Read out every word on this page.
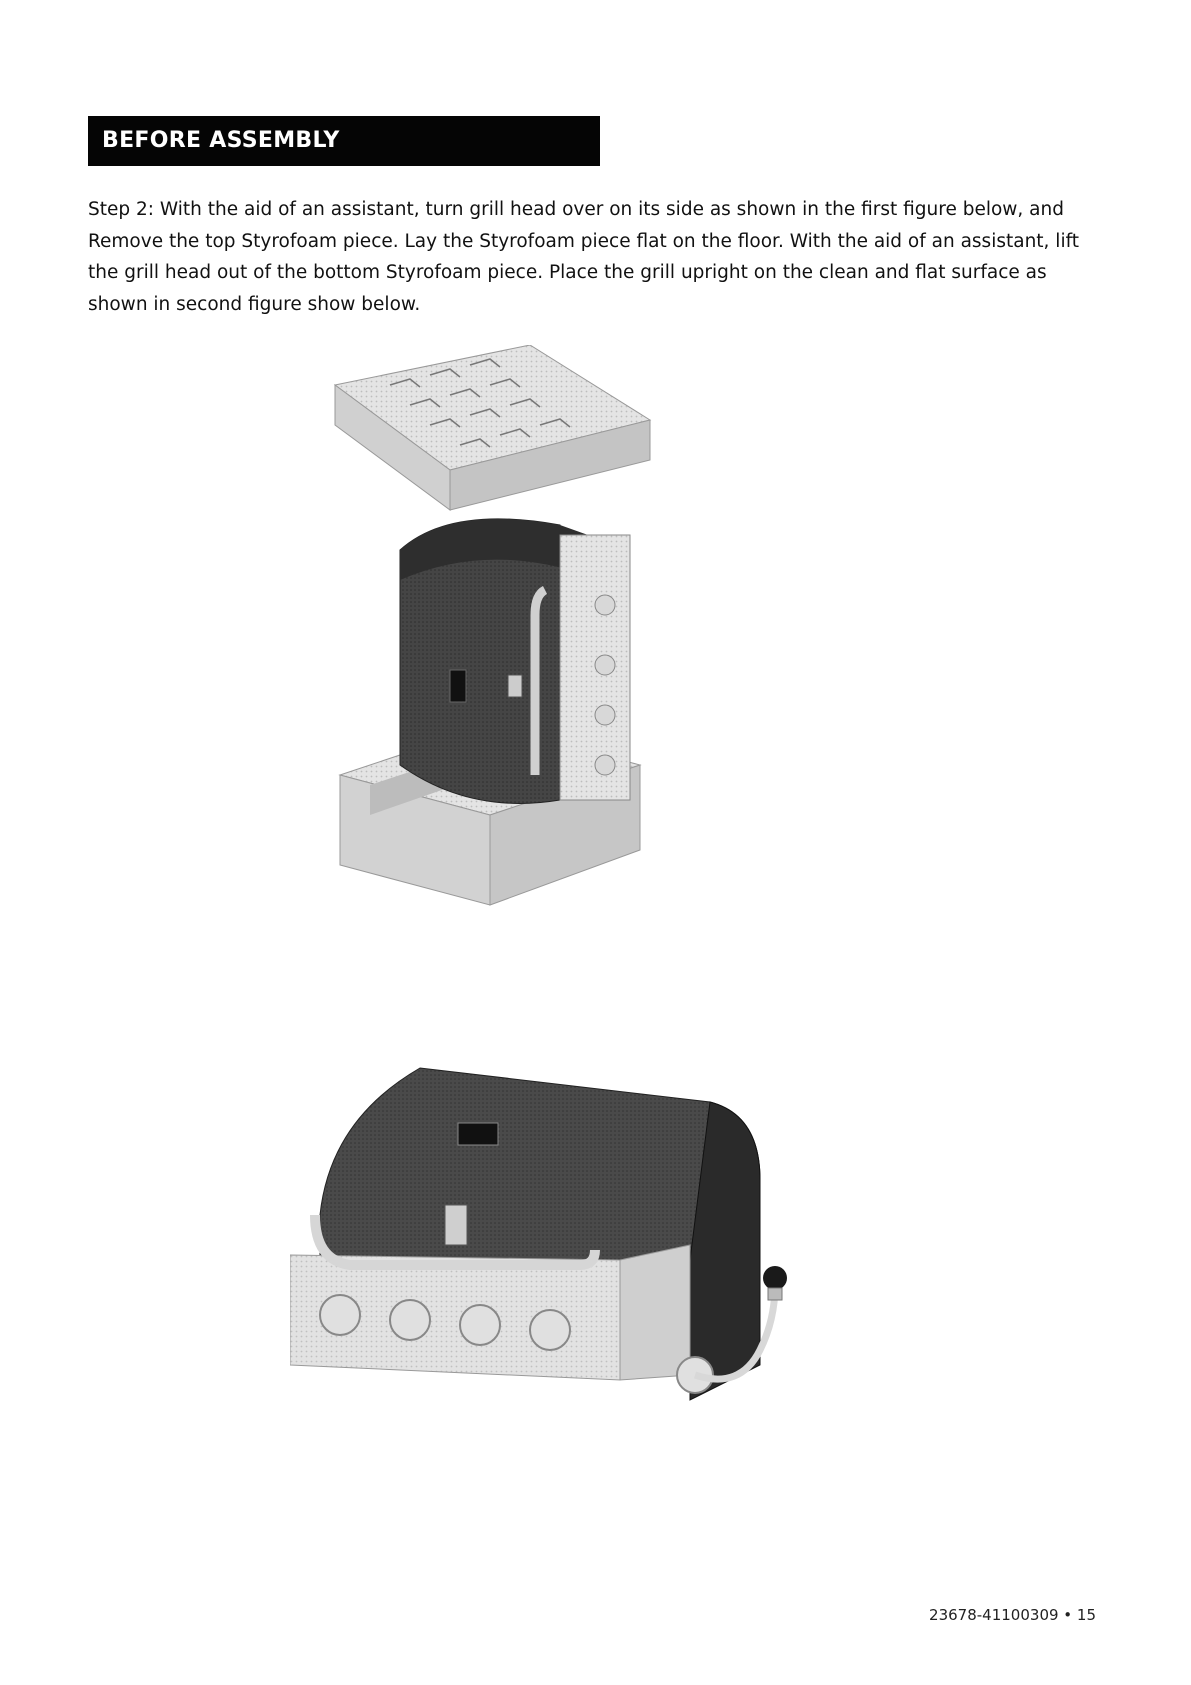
BEFORE ASSEMBLY

Step 2: With the aid of an assistant, turn grill head over on its side as shown in the first figure below, and Remove the top Styrofoam piece. Lay the Styrofoam piece flat on the floor. With the aid of an assistant, lift the grill head out of the bottom Styrofoam piece. Place the grill upright on the clean and flat surface as shown in second figure show below.

23678-41100309 • 15
